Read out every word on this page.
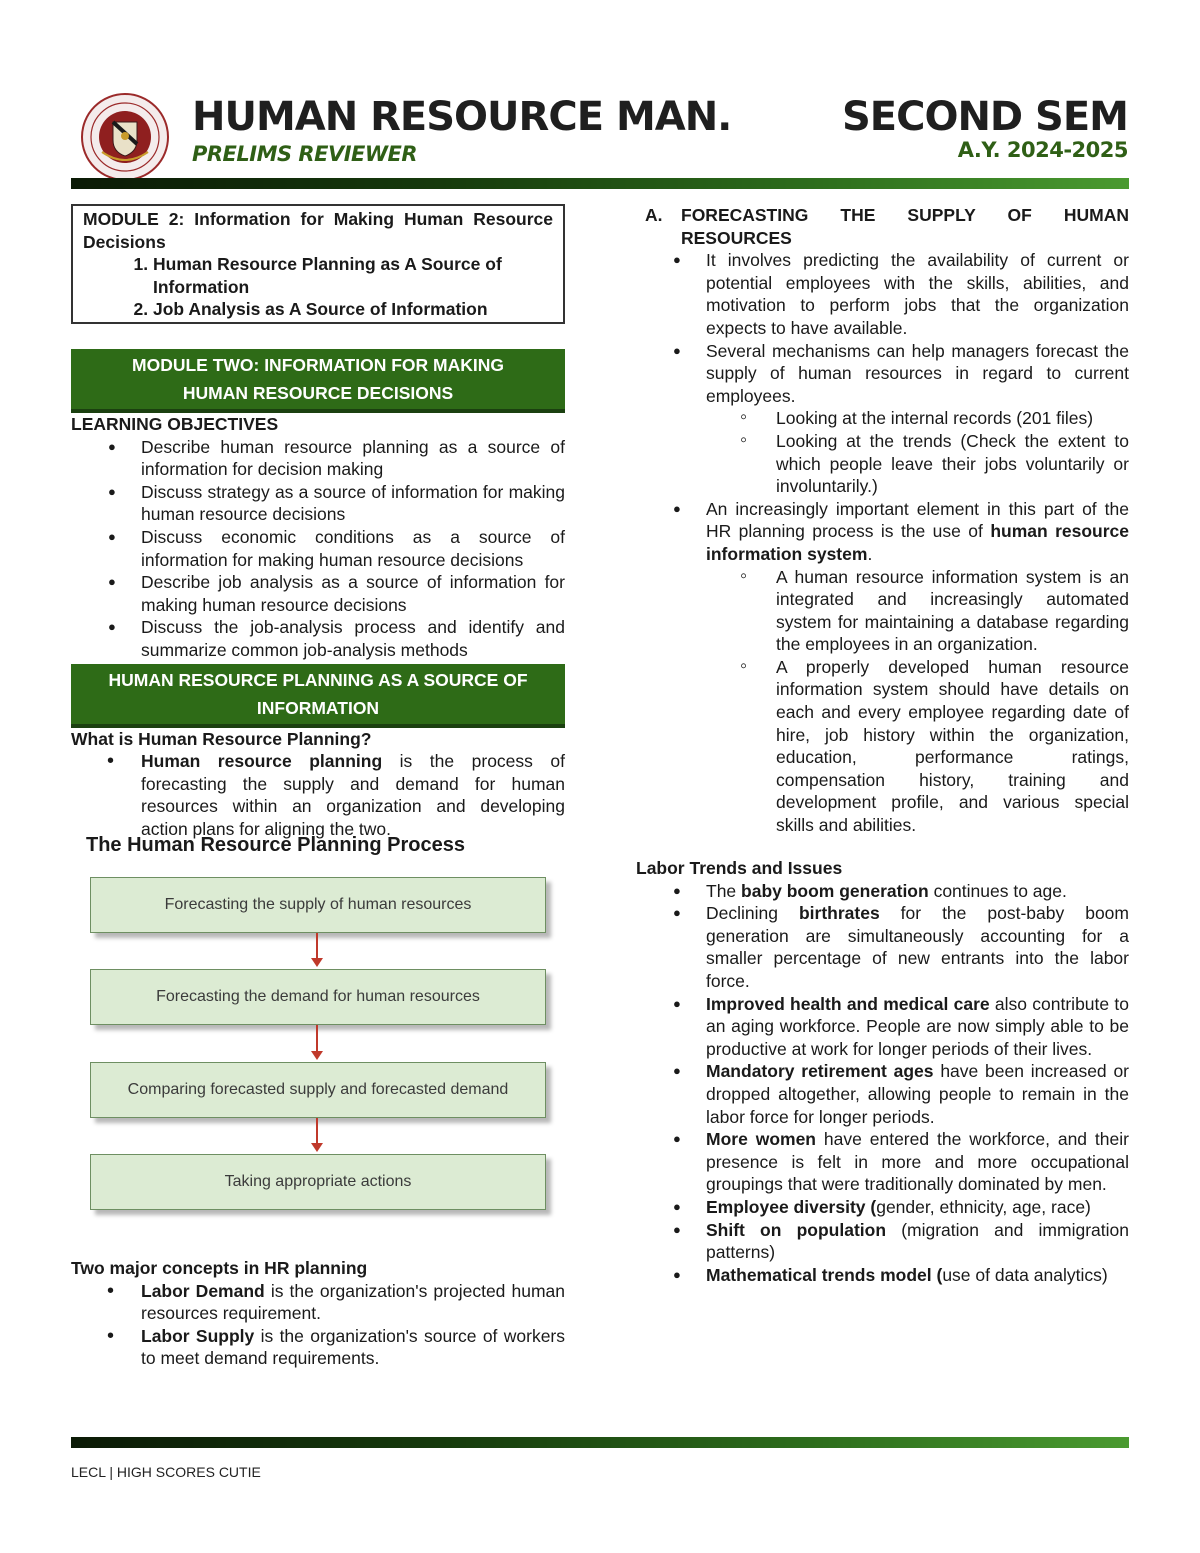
HUMAN RESOURCE MAN.
PRELIMS REVIEWER
SECOND SEM
A.Y. 2024-2025

MODULE 2: Information for Making Human Resource Decisions

1. Human Resource Planning as A Source of Information
2. Job Analysis as A Source of Information
MODULE TWO: INFORMATION FOR MAKING HUMAN RESOURCE DECISIONS

LEARNING OBJECTIVES

● Describe human resource planning as a source of information for decision making
● Discuss strategy as a source of information for making human resource decisions
● Discuss economic conditions as a source of information for making human resource decisions
● Describe job analysis as a source of information for making human resource decisions
● Discuss the job-analysis process and identify and summarize common job-analysis methods
HUMAN RESOURCE PLANNING AS A SOURCE OF INFORMATION

What is Human Resource Planning?

• Human resource planning is the process of forecasting the supply and demand for human resources within an organization and developing action plans for aligning the two.
The Human Resource Planning Process
Forecasting the supply of human resources
Forecasting the demand for human resources
Comparing forecasted supply and forecasted demand
Taking appropriate actions

Two major concepts in HR planning

• Labor Demand is the organization's projected human resources requirement.
• Labor Supply is the organization's source of workers to meet demand requirements.
A.	FORECASTING THE SUPPLY OF HUMAN RESOURCES
● It involves predicting the availability of current or potential employees with the skills, abilities, and motivation to perform jobs that the organization expects to have available.
● Several mechanisms can help managers forecast the supply of human resources in regard to current employees.
◦ Looking at the internal records (201 files)
◦ Looking at the trends (Check the extent to which people leave their jobs voluntarily or involuntarily.)
● An increasingly important element in this part of the HR planning process is the use of human resource information system.
◦ A human resource information system is an integrated and increasingly automated system for maintaining a database regarding the employees in an organization.
◦ A properly developed human resource information system should have details on each and every employee regarding date of hire, job history within the organization, education, performance ratings, compensation history, training and development profile, and various special skills and abilities.

Labor Trends and Issues

● The baby boom generation continues to age.
● Declining birthrates for the post-baby boom generation are simultaneously accounting for a smaller percentage of new entrants into the labor force.
● Improved health and medical care also contribute to an aging workforce. People are now simply able to be productive at work for longer periods of their lives.
● Mandatory retirement ages have been increased or dropped altogether, allowing people to remain in the labor force for longer periods.
● More women have entered the workforce, and their presence is felt in more and more occupational groupings that were traditionally dominated by men.
● Employee diversity (gender, ethnicity, age, race)
● Shift on population (migration and immigration patterns)
● Mathematical trends model (use of data analytics)
LECL | HIGH SCORES CUTIE
